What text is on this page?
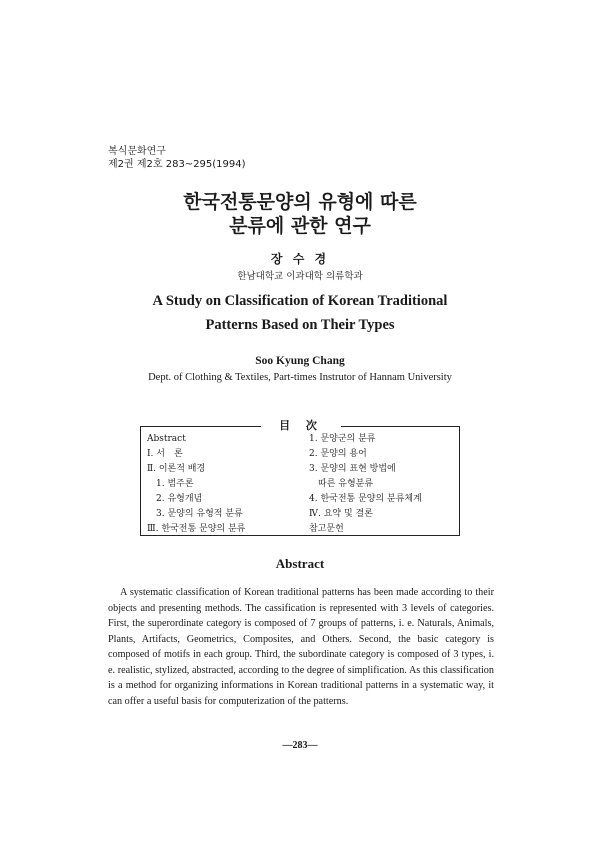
복식문화연구
제2권 제2호 283~295(1994)
한국전통문양의 유형에 따른
분류에 관한 연구
장 수 경
한남대학교 이과대학 의류학과
A Study on Classification of Korean Traditional
Patterns Based on Their Types
Soo Kyung Chang
Dept. of Clothing & Textiles, Part-times Instrutor of Hannam University
目 次
Abstract
Ⅰ. 서　론
Ⅱ. 이론적 배경
　1. 범주론
　2. 유형개념
　3. 문양의 유형적 분류
Ⅲ. 한국전통 문양의 분류
1. 문양군의 분류
2. 문양의 용어
3. 문양의 표현 방법에
　따른 유형분류
4. 한국전통 문양의 분류체계
Ⅳ. 요약 및 결론
참고문헌
Abstract

A systematic classification of Korean traditional patterns has been made according to their objects and presenting methods. The cassification is represented with 3 levels of categories. First, the superordinate category is composed of 7 groups of patterns, i. e. Naturals, Animals, Plants, Artifacts, Geometrics, Composites, and Others. Second, the basic category is composed of motifs in each group. Third, the subordinate category is composed of 3 types, i. e. realistic, stylized, abstracted, according to the degree of simplification. As this classification is a method for organizing informations in Korean traditional patterns in a systematic way, it can offer a useful basis for computerization of the patterns.

—283—
